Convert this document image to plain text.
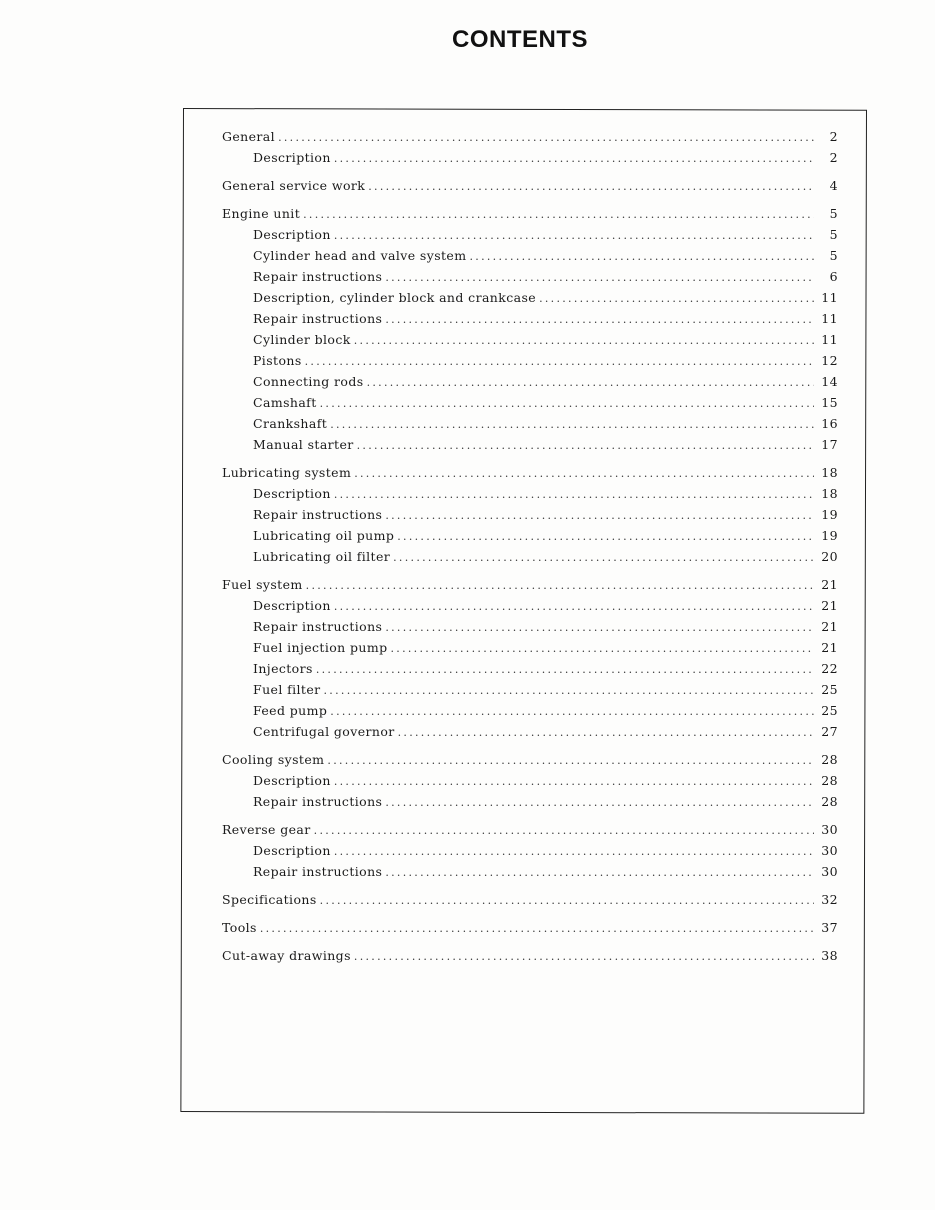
CONTENTS
General . . .	2
Description . . .	2
General service work . . .	4
Engine unit . . .	5
Description . . .	5
Cylinder head and valve system . . .	5
Repair instructions . . .	6
Description, cylinder block and crankcase . . .	11
Repair instructions . . .	11
Cylinder block . . .	11
Pistons . . .	12
Connecting rods . . .	14
Camshaft . . .	15
Crankshaft . . .	16
Manual starter . . .	17
Lubricating system . . .	18
Description . . .	18
Repair instructions . . .	19
Lubricating oil pump . . .	19
Lubricating oil filter . . .	20
Fuel system . . .	21
Description . . .	21
Repair instructions . . .	21
Fuel injection pump . . .	21
Injectors . . .	22
Fuel filter . . .	25
Feed pump . . .	25
Centrifugal governor . . .	27
Cooling system . . .	28
Description . . .	28
Repair instructions . . .	28
Reverse gear . . .	30
Description . . .	30
Repair instructions . . .	30
Specifications . . .	32
Tools . . .	37
Cut-away drawings . . .	38
